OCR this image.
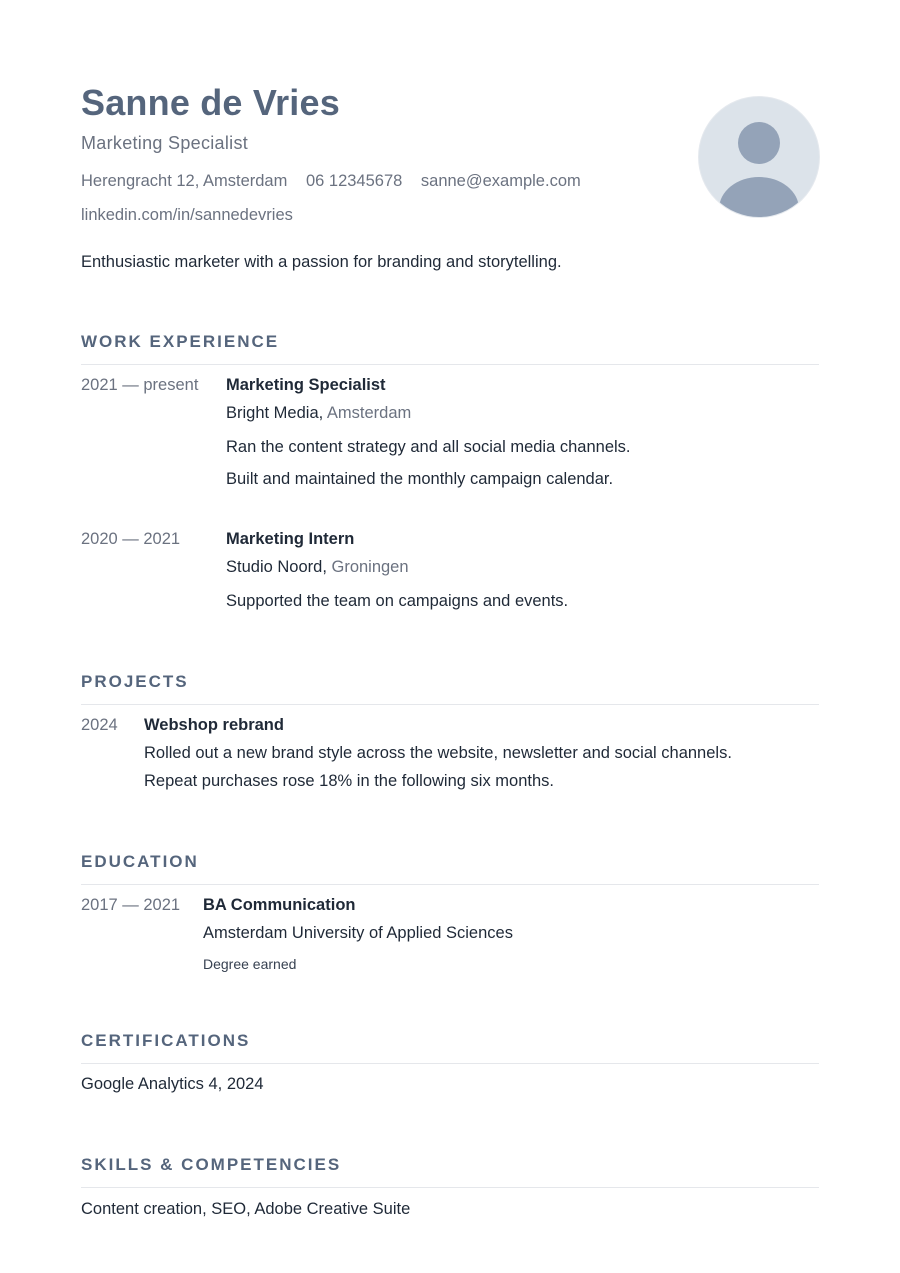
Sanne de Vries
Marketing Specialist
Herengracht 12, Amsterdam 06 12345678 sanne@example.com
linkedin.com/in/sannedevries
Enthusiastic marketer with a passion for branding and storytelling.
WORK EXPERIENCE
2021 — present Marketing Specialist
Bright Media, Amsterdam
Ran the content strategy and all social media channels.
Built and maintained the monthly campaign calendar.
2020 — 2021	Marketing Intern
Studio Noord, Groningen
Supported the team on campaigns and events.
PROJECTS
2024 Webshop rebrand
Rolled out a new brand style across the website, newsletter and social channels.
Repeat purchases rose 18% in the following six months.
EDUCATION
2017 — 2021 BA Communication
Amsterdam University of Applied Sciences
Degree earned
CERTIFICATIONS
Google Analytics 4, 2024
SKILLS & COMPETENCIES
Content creation, SEO, Adobe Creative Suite
